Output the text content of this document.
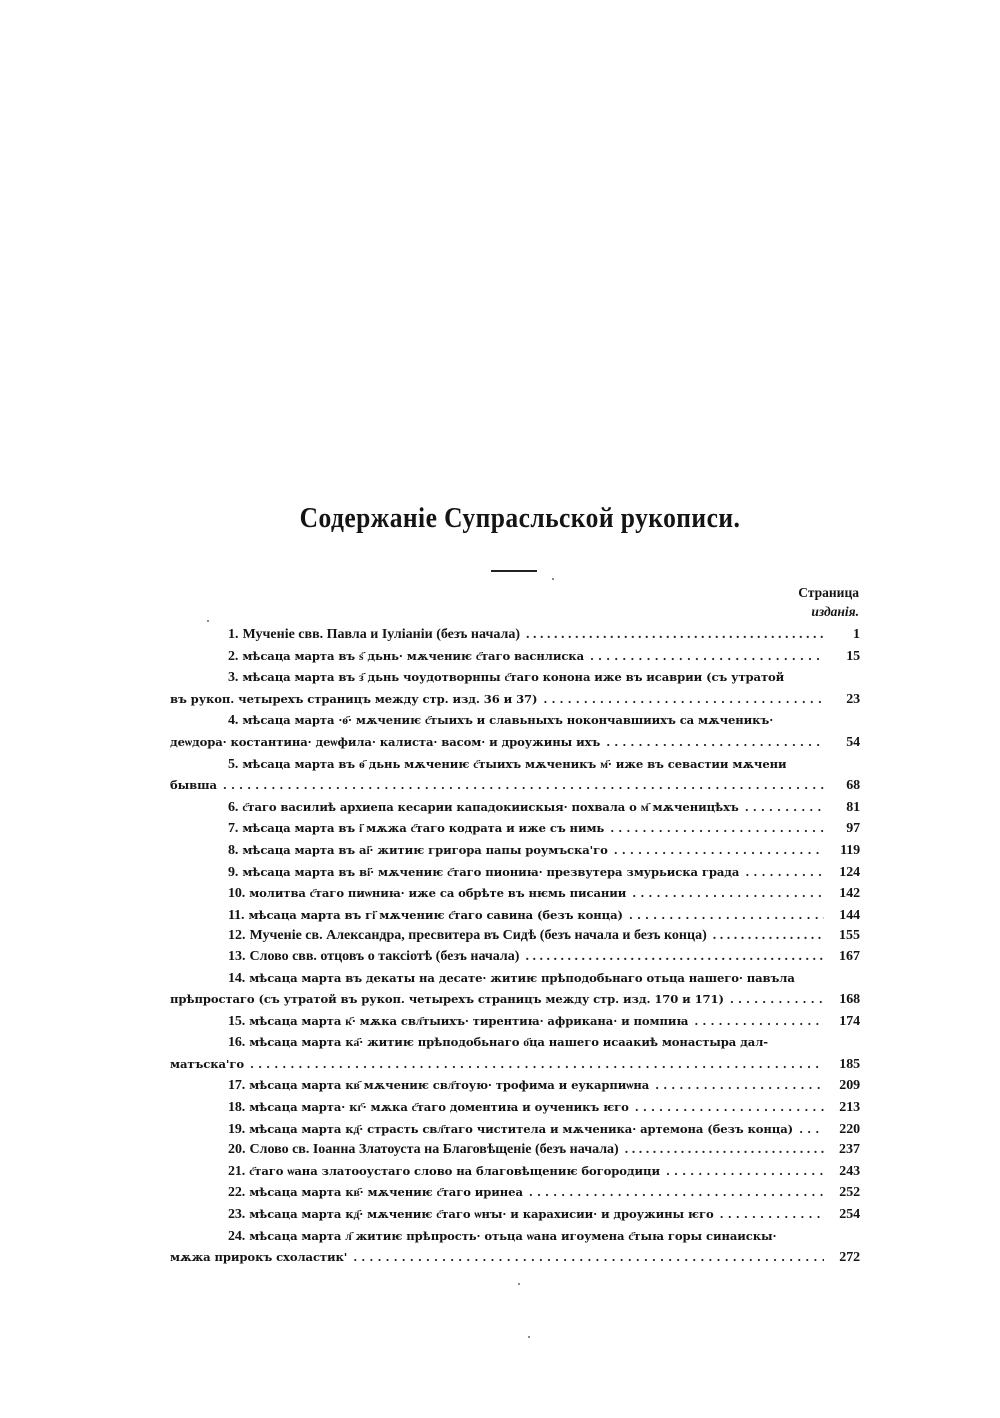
Содержаніе Супрасльской рукописи.
Страница
изданія.
1. Мученіе свв. Павла и Іуліаніи (безъ начала) . . .	1
2. мѣсаца марта въ ѕ҃ дьнь· мѫчениѥ с҃таго васнлиска . . .	15
3. мѣсаца марта въ з҃ дьнь чоудотворнпы с҃таго конона иже въ исаврии (съ утратой
въ рукоп. четырехъ страницъ между стр. изд. 36 и 37) . . .	23
4. мѣсаца марта ·ѳ҃· мѫчениѥ с҃тыихъ и славьныхъ нокончавшиихъ са мѫченикъ·
деѡдора· костантина· деѡфила· калиста· васом· и дроужины ихъ . . .	54
5. мѣсаца марта въ ѳ҃ дьнь мѫчениѥ с҃тыихъ мѫченикъ м҃· иже въ севастии мѫчени
бывша . . .	68
6. с҃таго василиѣ архиепа кесарии кападокиискыя· похвала о м҃ мѫченицѣхъ . . .	81
7. мѣсаца марта въ і҃ мѫжа с҃таго кодрата и иже съ нимь . . .	97
8. мѣсаца марта въ аі҃· житиѥ григора папы роумъска'го . . .	119
9. мѣсаца марта въ ві҃· мѫчениѥ с҃таго пиониꙗ· презвутера змурьиска града . . .	124
10. молитва с҃таго пиѡниꙗ· иже са обрѣте въ нѥмь писании . . .	142
11. мѣсаца марта въ гі҃ мѫчениѥ с҃таго савина (безъ конца) . . .	144
12. Мученіе св. Александра, пресвитера въ Сидѣ (безъ начала и безъ конца) . . .	155
13. Слово свв. отцовъ о таксіотѣ (безъ начала) . . .	167
14. мѣсаца марта въ декаты на десате· житиѥ прѣподобьнаго отьца нашего· павъла
прѣпростаго (съ утратой въ рукоп. четырехъ страницъ между стр. изд. 170 и 171) . . .	168
15. мѣсаца марта к҃· мѫка свл҃тыихъ· тирентиꙗ· африкана· и помпиꙗ . . .	174
16. мѣсаца марта ка҃· житиѥ прѣподобьнаго о҃ца нашего исаакиѣ монастыра дал-
матъска'го . . .	185
17. мѣсаца марта кв҃ мѫчениѥ свл҃тоую· трофима и еукарпиѡна . . .	209
18. мѣсаца марта· кг҃· мѫка с҃таго доментиꙗ и оученикъ ѥго . . .	213
19. мѣсаца марта кд҃· страсть свл҃таго чиститела и мѫченика· артемона (безъ конца) . . .	220
20. Слово св. Іоанна Златоуста на Благовѣщеніе (безъ начала) . . .	237
21. с҃таго ѡана златооустаго слово на благовѣщениѥ богородици . . .	243
22. мѣсаца марта кв҃· мѫчениѥ с҃таго иринеа . . .	252
23. мѣсаца марта кд҃· мѫчениѥ с҃таго ѡнꙑ· и карахисии· и дроужины ѥго . . .	254
24. мѣсаца марта л҃ житиѥ прѣпрость· отьца ѡана игоумена с҃тыꙗ горы синаискы·
мѫжа прирокъ схоластик' . . .	272
